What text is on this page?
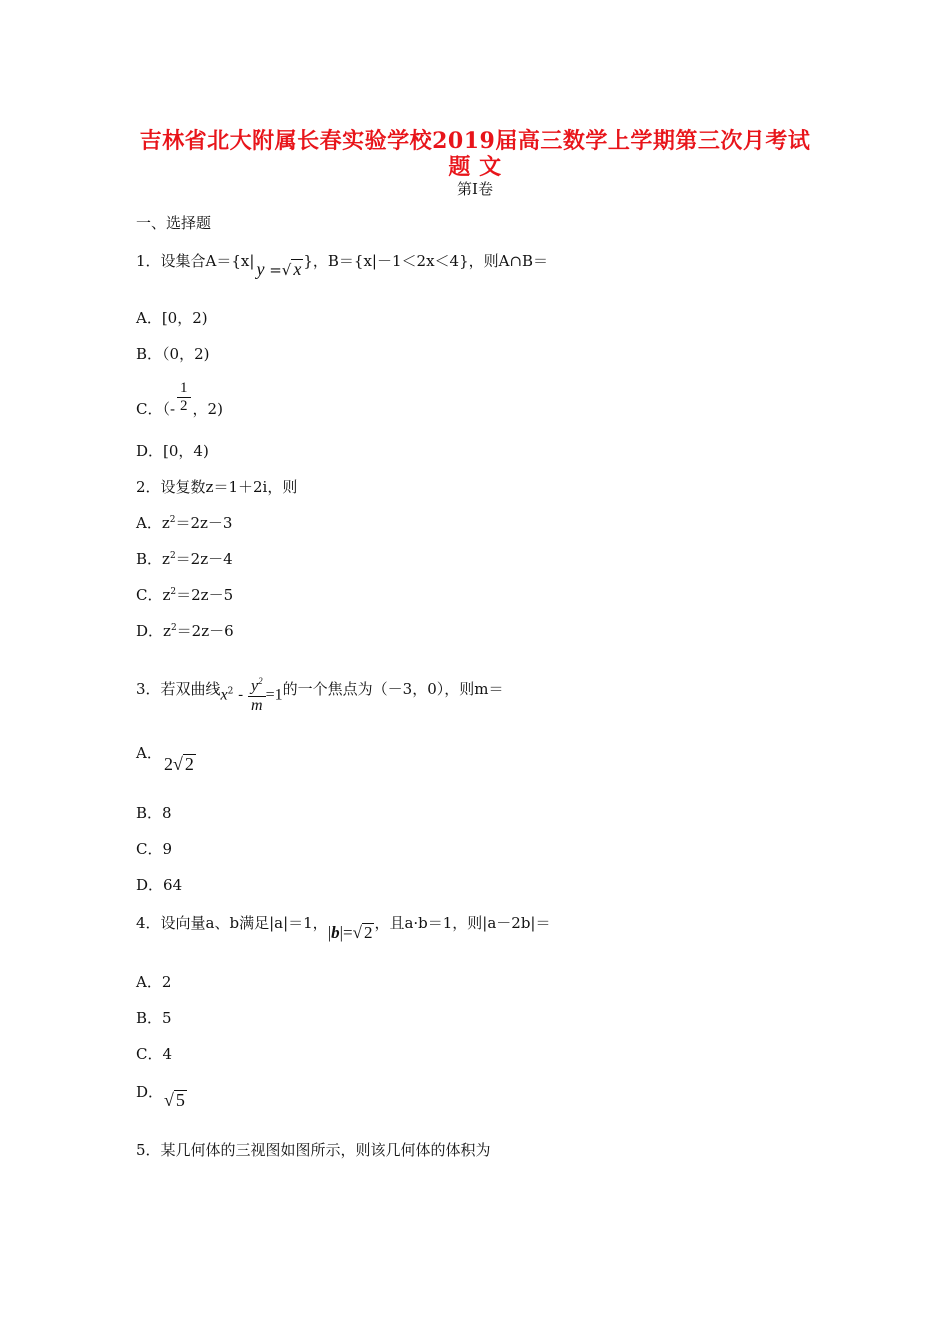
吉林省北大附属长春实验学校2019届高三数学上学期第三次月考试
题 文
第Ⅰ卷
一、选择题
1．设集合A＝{x| y =√ x }，B＝{x|－1＜2x＜4}，则A∩B＝
A．[0，2)
B．（0，2)
C．（- $\frac{1}{2}$ ，2)
D．[0，4)
2．设复数z＝1＋2i，则
A．$z^2=2z-3$
B．$z^2=2z-4$
C．$z^2=2z-5$
D．$z^2=2z-6$
3．若双曲线$x^2 - \frac{y^2}{m} =1$的一个焦点为（－3，0），则m＝
A．
2√ 2
B．8
C．9
D．64
4．设向量a、b满足|a|＝1，|b|=√ 2 ，且a·b＝1，则|a－2b|＝
A．2
B．5
C．4
D． √ 5
5．某几何体的三视图如图所示，则该几何体的体积为
